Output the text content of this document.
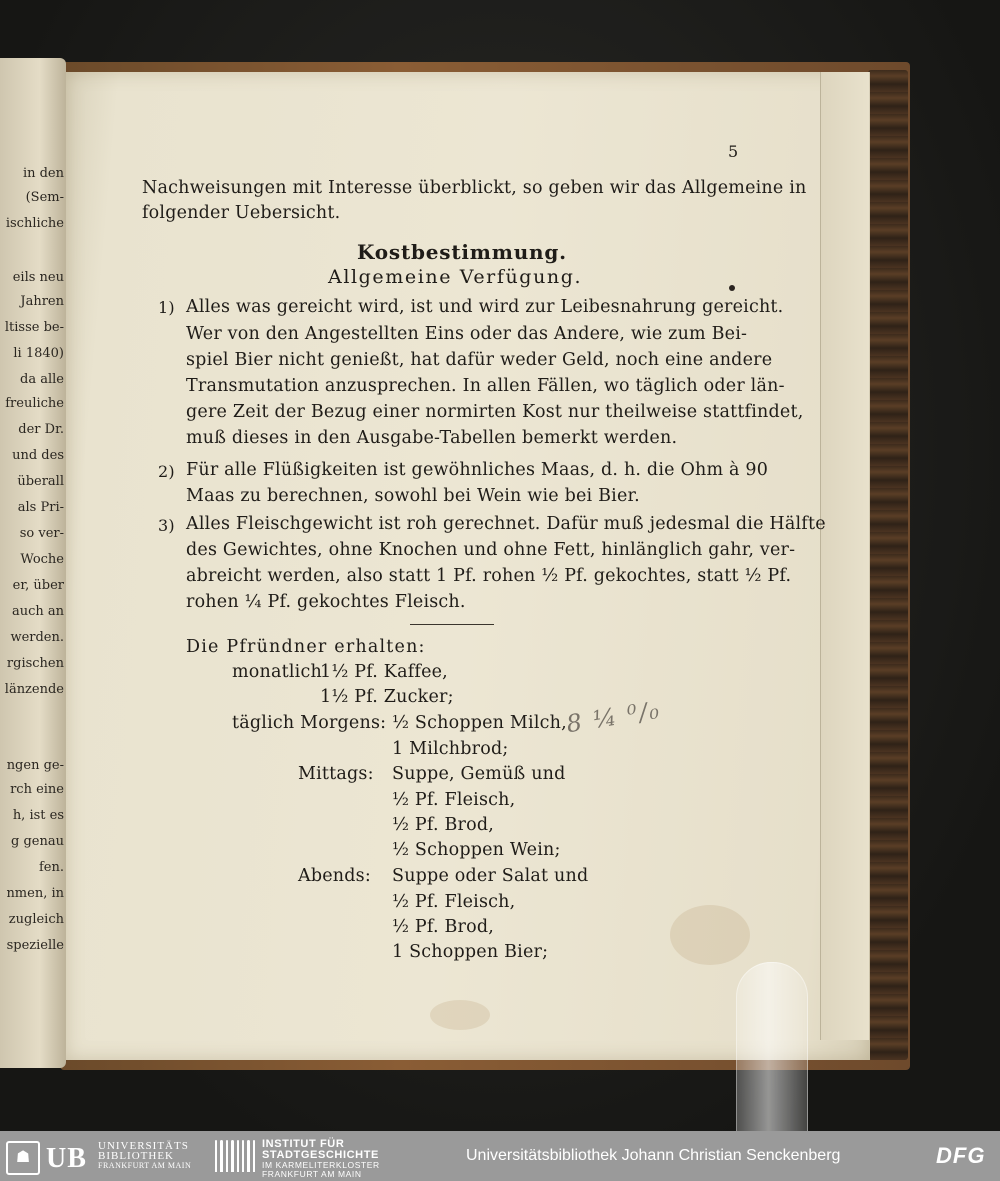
in den
(Sem-
ischliche
eils neu
Jahren
ltisse be-
li 1840)
da alle
freuliche
der Dr.
und des
überall
als Pri-
so ver-
Woche
er, über
auch an
werden.
rgischen
länzende
ngen ge-
rch eine
h, ist es
g genau
fen.
nmen, in
zugleich
spezielle
5
Nachweisungen mit Interesse überblickt, so geben wir das Allgemeine in
folgender Uebersicht.
Kostbestimmung.
Allgemeine Verfügung.
1) Alles was gereicht wird, ist und wird zur Leibesnahrung gereicht.
Wer von den Angestellten Eins oder das Andere, wie zum Bei-
spiel Bier nicht genießt, hat dafür weder Geld, noch eine andere
Transmutation anzusprechen. In allen Fällen, wo täglich oder län-
gere Zeit der Bezug einer normirten Kost nur theilweise stattfindet,
muß dieses in den Ausgabe-Tabellen bemerkt werden.
2) Für alle Flüßigkeiten ist gewöhnliches Maas, d. h. die Ohm à 90
Maas zu berechnen, sowohl bei Wein wie bei Bier.
3) Alles Fleischgewicht ist roh gerechnet. Dafür muß jedesmal die Hälfte
des Gewichtes, ohne Knochen und ohne Fett, hinlänglich gahr, ver-
abreicht werden, also statt 1 Pf. rohen ½ Pf. gekochtes, statt ½ Pf.
rohen ¼ Pf. gekochtes Fleisch.
Die Pfründner erhalten:
monatlich
1½ Pf. Kaffee,
1½ Pf. Zucker;
täglich Morgens: ½ Schoppen Milch,
1 Milchbrod;
8 ¼ ⁰/₀
Mittags: Suppe, Gemüß und
½ Pf. Fleisch,
½ Pf. Brod,
½ Schoppen Wein;
Abends: Suppe oder Salat und
½ Pf. Fleisch,
½ Pf. Brod,
1 Schoppen Bier;
☗ UB UNIVERSITÄTS
BIBLIOTHEK
FRANKFURT AM MAIN
INSTITUT FÜR
STADTGESCHICHTE
IM KARMELITERKLOSTER
FRANKFURT AM MAIN
Universitätsbibliothek Johann Christian Senckenberg	DFG
